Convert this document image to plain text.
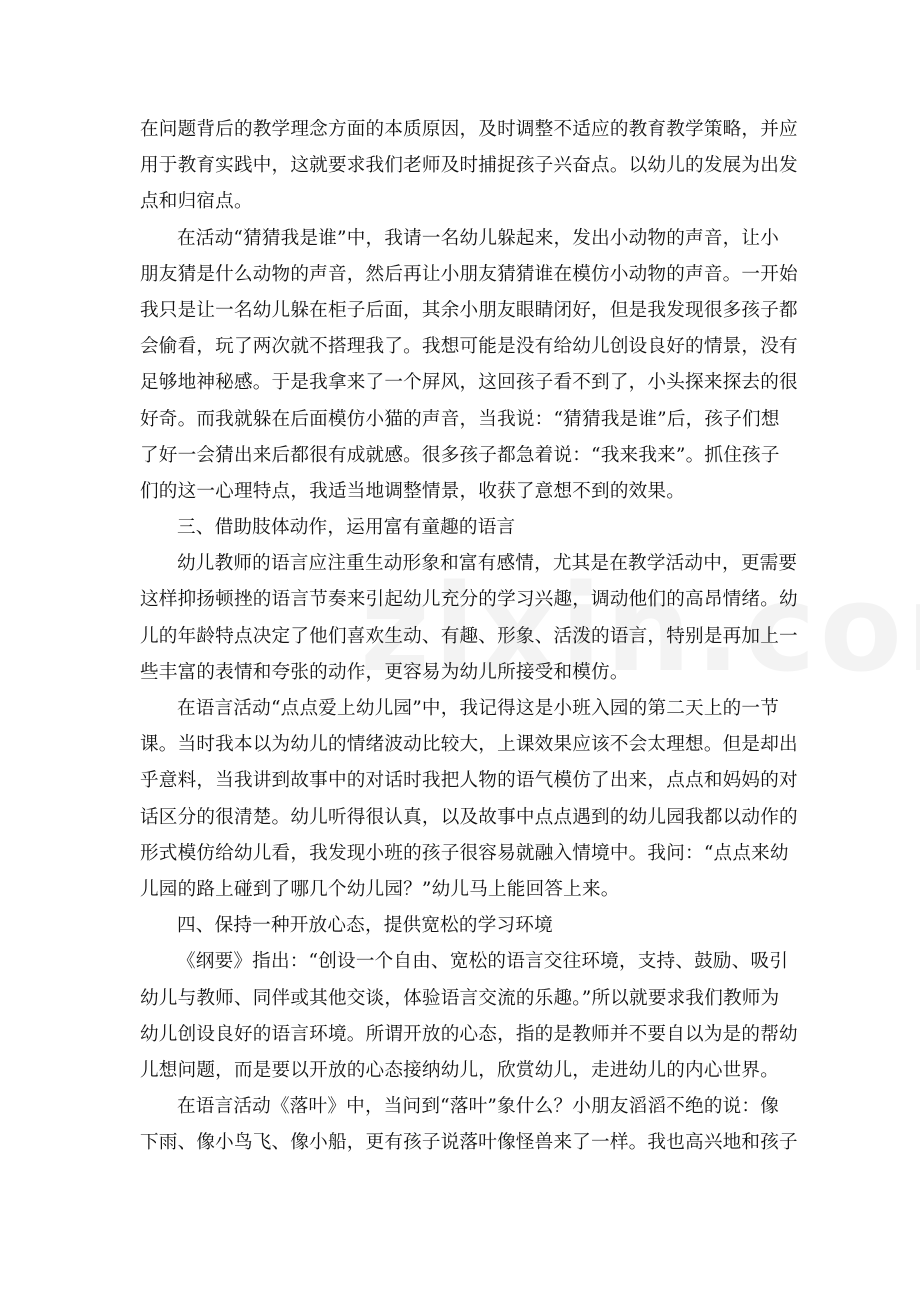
在问题背后的教学理念方面的本质原因，及时调整不适应的教育教学策略，并应
用于教育实践中，这就要求我们老师及时捕捉孩子兴奋点。以幼儿的发展为出发
点和归宿点。
在活动“猜猜我是谁”中，我请一名幼儿躲起来，发出小动物的声音，让小
朋友猜是什么动物的声音，然后再让小朋友猜猜谁在模仿小动物的声音。一开始
我只是让一名幼儿躲在柜子后面，其余小朋友眼睛闭好，但是我发现很多孩子都
会偷看，玩了两次就不搭理我了。我想可能是没有给幼儿创设良好的情景，没有
足够地神秘感。于是我拿来了一个屏风，这回孩子看不到了，小头探来探去的很
好奇。而我就躲在后面模仿小猫的声音，当我说：“猜猜我是谁”后，孩子们想
了好一会猜出来后都很有成就感。很多孩子都急着说：“我来我来”。抓住孩子
们的这一心理特点，我适当地调整情景，收获了意想不到的效果。
三、借助肢体动作，运用富有童趣的语言
幼儿教师的语言应注重生动形象和富有感情，尤其是在教学活动中，更需要
这样抑扬顿挫的语言节奏来引起幼儿充分的学习兴趣，调动他们的高昂情绪。幼
儿的年龄特点决定了他们喜欢生动、有趣、形象、活泼的语言，特别是再加上一
些丰富的表情和夸张的动作，更容易为幼儿所接受和模仿。
在语言活动“点点爱上幼儿园”中，我记得这是小班入园的第二天上的一节
课。当时我本以为幼儿的情绪波动比较大，上课效果应该不会太理想。但是却出
乎意料，当我讲到故事中的对话时我把人物的语气模仿了出来，点点和妈妈的对
话区分的很清楚。幼儿听得很认真，以及故事中点点遇到的幼儿园我都以动作的
形式模仿给幼儿看，我发现小班的孩子很容易就融入情境中。我问：“点点来幼
儿园的路上碰到了哪几个幼儿园？”幼儿马上能回答上来。
四、保持一种开放心态，提供宽松的学习环境
《纲要》指出：“创设一个自由、宽松的语言交往环境，支持、鼓励、吸引
幼儿与教师、同伴或其他交谈，体验语言交流的乐趣。”所以就要求我们教师为
幼儿创设良好的语言环境。所谓开放的心态，指的是教师并不要自以为是的帮幼
儿想问题，而是要以开放的心态接纳幼儿，欣赏幼儿，走进幼儿的内心世界。
在语言活动《落叶》中，当问到“落叶”象什么？小朋友滔滔不绝的说：像
下雨、像小鸟飞、像小船，更有孩子说落叶像怪兽来了一样。我也高兴地和孩子
